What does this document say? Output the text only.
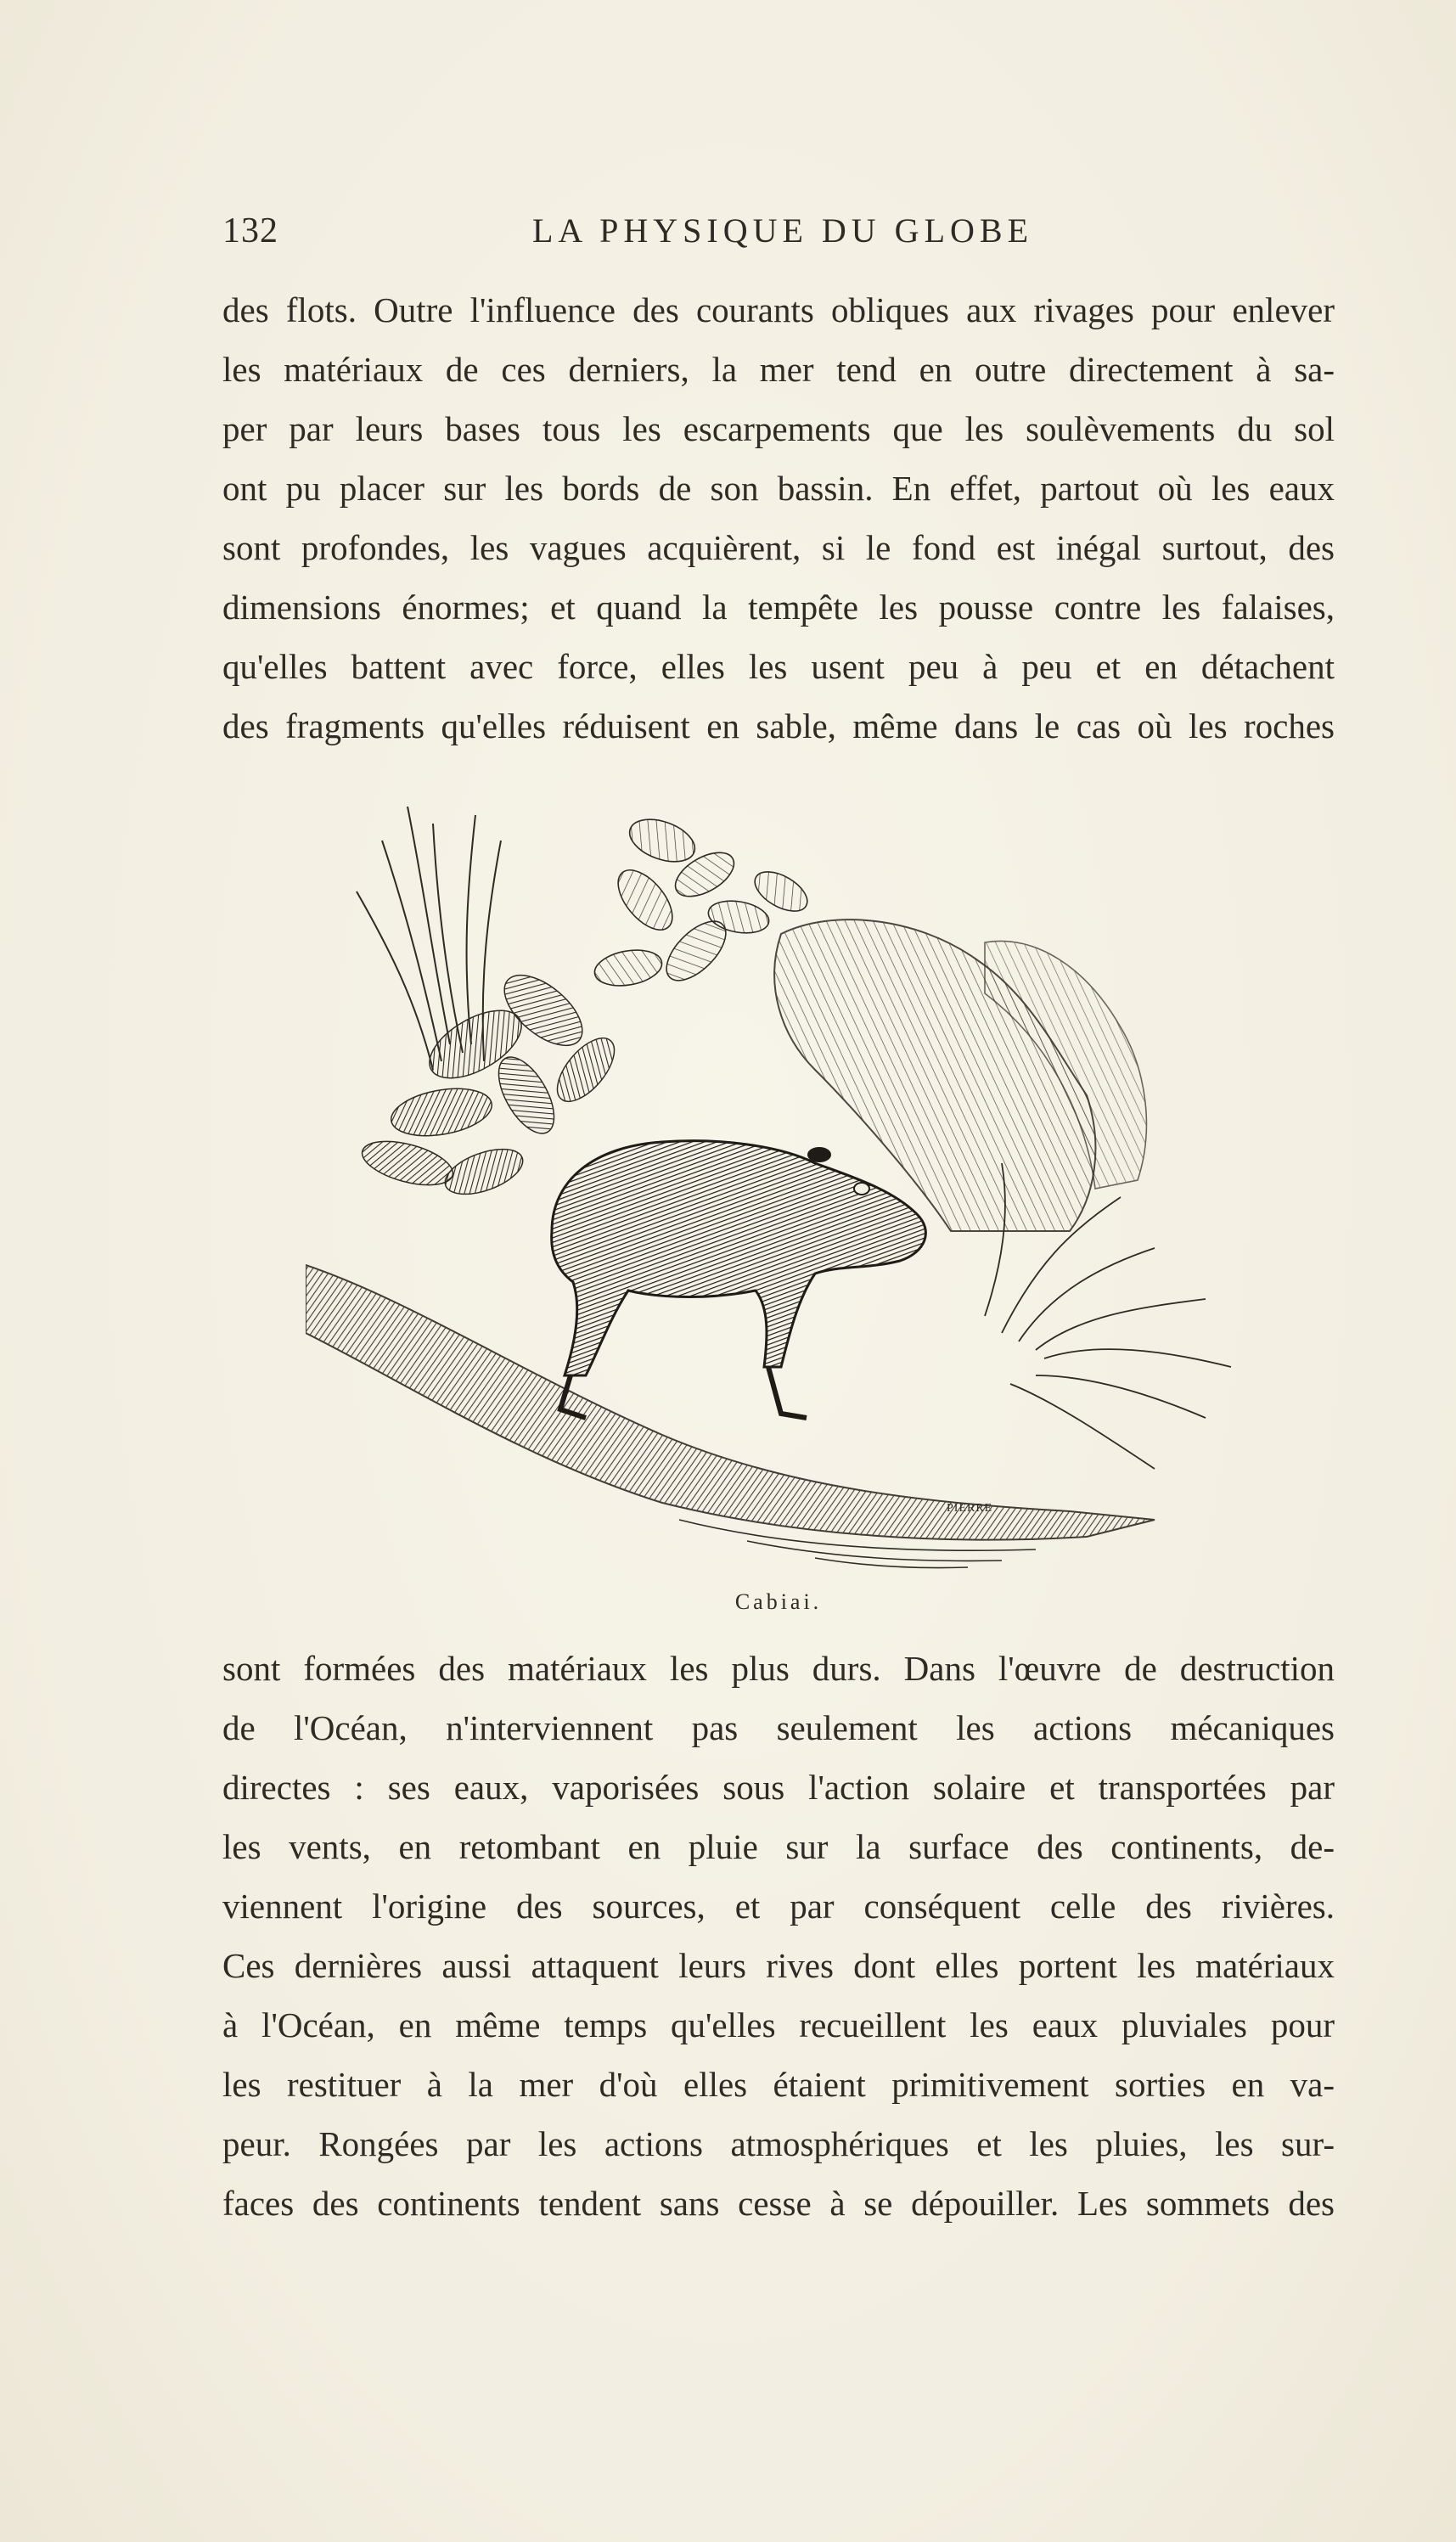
132	LA PHYSIQUE DU GLOBE
des flots. Outre l'influence des courants obliques aux rivages pour enlever
les matériaux de ces derniers, la mer tend en outre directement à sa-
per par leurs bases tous les escarpements que les soulèvements du sol
ont pu placer sur les bords de son bassin. En effet, partout où les eaux
sont profondes, les vagues acquièrent, si le fond est inégal surtout, des
dimensions énormes; et quand la tempête les pousse contre les falaises,
qu'elles battent avec force, elles les usent peu à peu et en détachent
des fragments qu'elles réduisent en sable, même dans le cas où les roches
PIERRE
Cabiai.
sont formées des matériaux les plus durs. Dans l'œuvre de destruction
de l'Océan, n'interviennent pas seulement les actions mécaniques
directes : ses eaux, vaporisées sous l'action solaire et transportées par
les vents, en retombant en pluie sur la surface des continents, de-
viennent l'origine des sources, et par conséquent celle des rivières.
Ces dernières aussi attaquent leurs rives dont elles portent les matériaux
à l'Océan, en même temps qu'elles recueillent les eaux pluviales pour
les restituer à la mer d'où elles étaient primitivement sorties en va-
peur. Rongées par les actions atmosphériques et les pluies, les sur-
faces des continents tendent sans cesse à se dépouiller. Les sommets des
